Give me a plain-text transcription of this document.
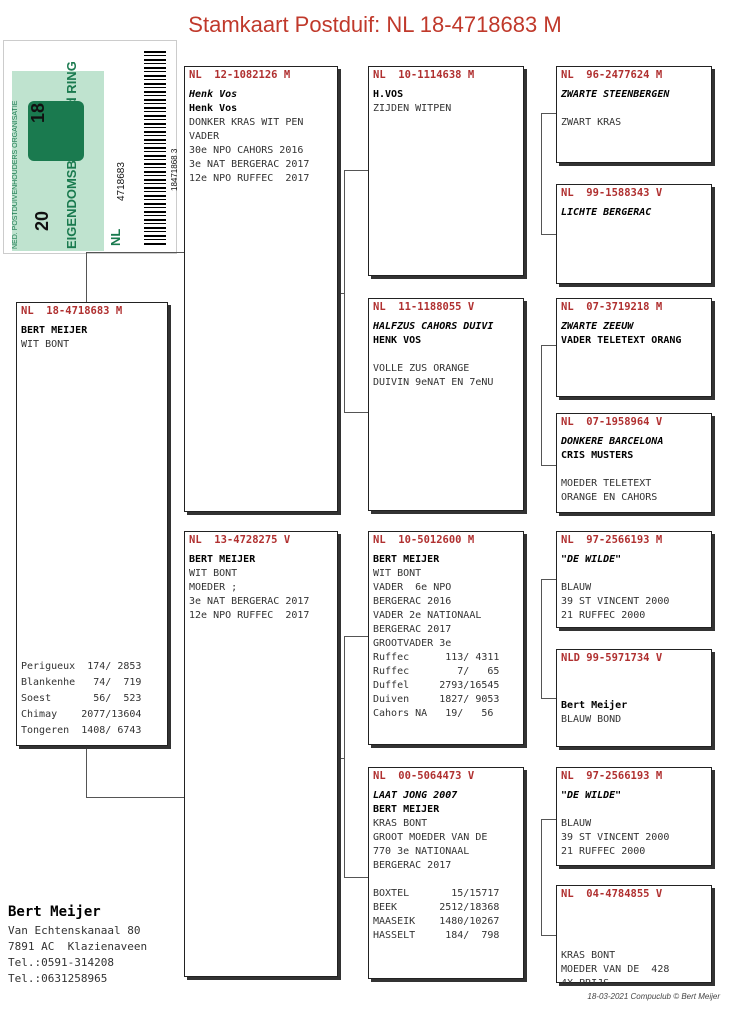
Stamkaart Postduif: NL 18-4718683 M
NED. POSTDUIVENHOUDERS ORGANISATIE 20
18
NL
4718683	18471868 3
NL  18-4718683 M
BERT MEIJER
WIT BONT
Perigueux  174/ 2853
Blankenhe   74/  719
Soest       56/  523
Chimay    2077/13604
Tongeren  1408/ 6743
NL  12-1082126 M
Henk Vos
Henk Vos
DONKER KRAS WIT PEN
VADER
30e NPO CAHORS 2016
3e NAT BERGERAC 2017
12e NPO RUFFEC  2017
NL  13-4728275 V
BERT MEIJER
WIT BONT
MOEDER ;
3e NAT BERGERAC 2017
12e NPO RUFFEC  2017
NL  10-1114638 M
H.VOS
ZIJDEN WITPEN
NL  11-1188055 V
HALFZUS CAHORS DUIVI
HENK VOS
VOLLE ZUS ORANGE
DUIVIN 9eNAT EN 7eNU
NL  10-5012600 M
BERT MEIJER
WIT BONT
VADER  6e NPO
BERGERAC 2016
VADER 2e NATIONAAL
BERGERAC 2017
GROOTVADER 3e
Ruffec      113/ 4311
Ruffec        7/   65
Duffel     2793/16545
Duiven     1827/ 9053
Cahors NA   19/   56
NL  00-5064473 V
LAAT JONG 2007
BERT MEIJER
KRAS BONT
GROOT MOEDER VAN DE
770 3e NATIONAAL
BERGERAC 2017
BOXTEL       15/15717
BEEK       2512/18368
MAASEIK    1480/10267
HASSELT     184/  798
NL  96-2477624 M
ZWARTE STEENBERGEN
ZWART KRAS
NL  99-1588343 V
LICHTE BERGERAC
NL  07-3719218 M
ZWARTE ZEEUW
VADER TELETEXT ORANG
NL  07-1958964 V
DONKERE BARCELONA
CRIS MUSTERS
MOEDER TELETEXT
ORANGE EN CAHORS
NL  97-2566193 M
"DE WILDE"
BLAUW
39 ST VINCENT 2000
21 RUFFEC 2000
NLD 99-5971734 V
Bert Meijer
BLAUW BOND
NL  97-2566193 M
"DE WILDE"
BLAUW
39 ST VINCENT 2000
21 RUFFEC 2000
NL  04-4784855 V
KRAS BONT
MOEDER VAN DE  428
4X PRIJS
Bert Meijer
Van Echtenskanaal 80
7891 AC  Klazienaveen
Tel.:0591-314208
Tel.:0631258965
18-03-2021 Compuclub © Bert Meijer
